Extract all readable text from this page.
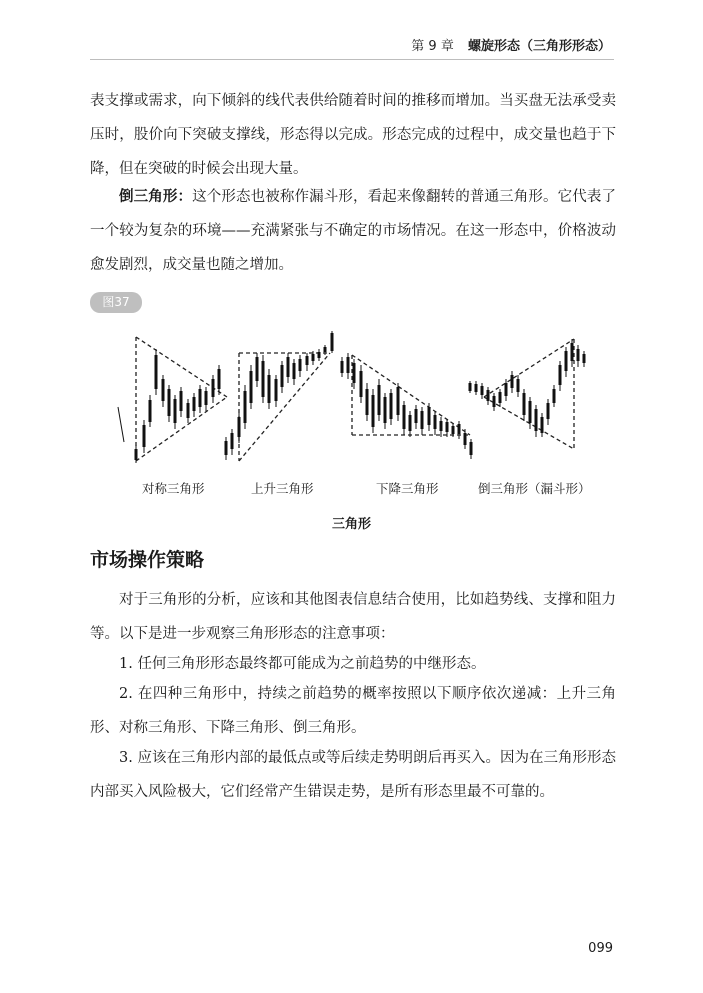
第 9 章 螺旋形态（三角形形态）

表支撑或需求，向下倾斜的线代表供给随着时间的推移而增加。当买盘无法承受卖压时，股价向下突破支撑线，形态得以完成。形态完成的过程中，成交量也趋于下降，但在突破的时候会出现大量。

倒三角形：这个形态也被称作漏斗形，看起来像翻转的普通三角形。它代表了一个较为复杂的环境——充满紧张与不确定的市场情况。在这一形态中，价格波动愈发剧烈，成交量也随之增加。

图37
对称三角形	上升三角形	下降三角形	倒三角形（漏斗形）
三角形
市场操作策略

对于三角形的分析，应该和其他图表信息结合使用，比如趋势线、支撑和阻力等。以下是进一步观察三角形形态的注意事项：

1. 任何三角形形态最终都可能成为之前趋势的中继形态。

2. 在四种三角形中，持续之前趋势的概率按照以下顺序依次递减：上升三角形、对称三角形、下降三角形、倒三角形。

3. 应该在三角形内部的最低点或等后续走势明朗后再买入。因为在三角形形态内部买入风险极大，它们经常产生错误走势，是所有形态里最不可靠的。

099
